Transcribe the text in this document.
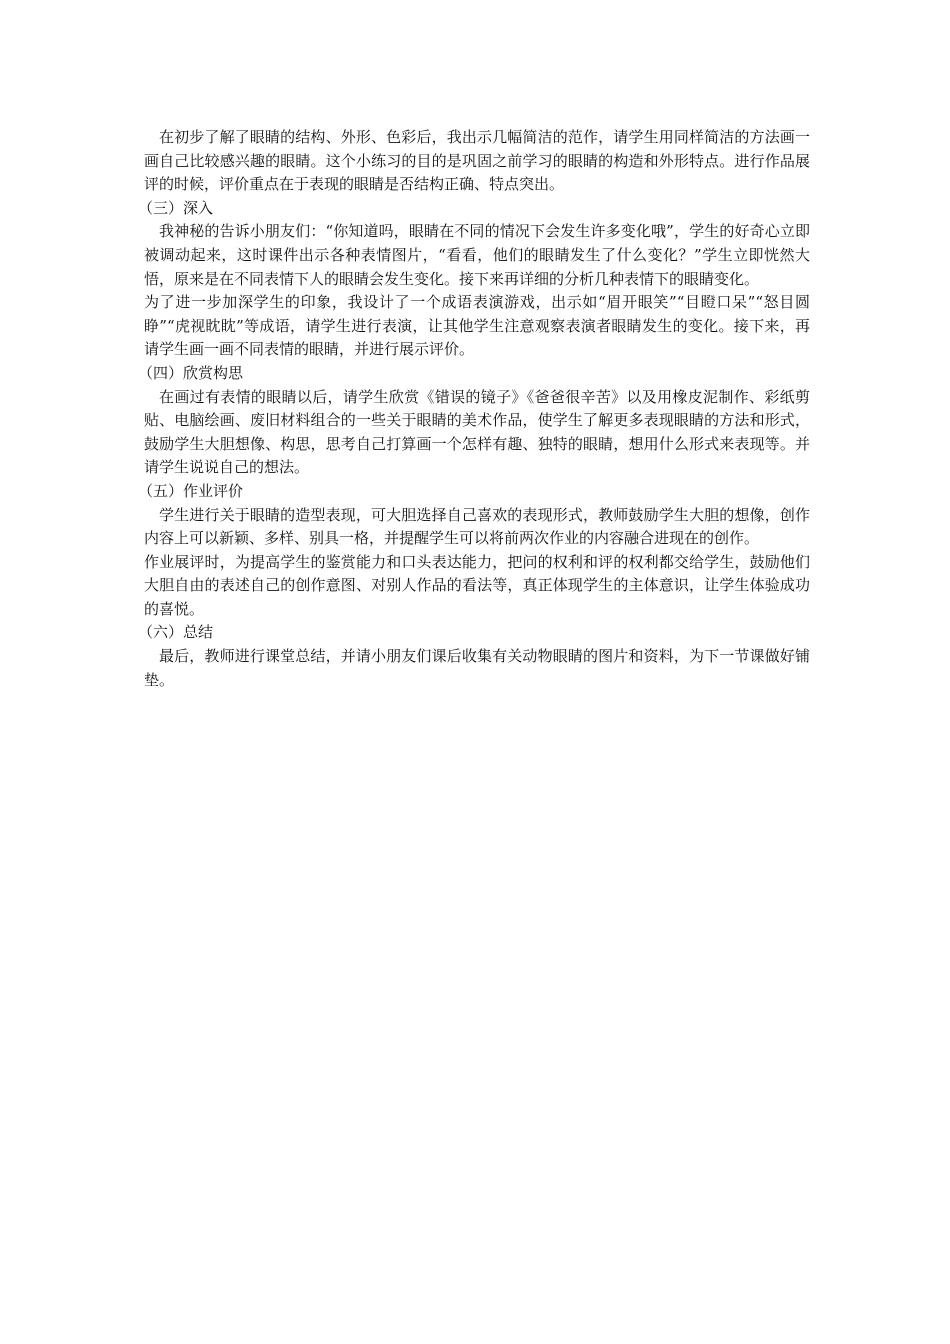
在初步了解了眼睛的结构、外形、色彩后，我出示几幅简洁的范作，请学生用同样简洁的方法画一画自己比较感兴趣的眼睛。这个小练习的目的是巩固之前学习的眼睛的构造和外形特点。进行作品展评的时候，评价重点在于表现的眼睛是否结构正确、特点突出。

（三）深入

我神秘的告诉小朋友们：“你知道吗，眼睛在不同的情况下会发生许多变化哦”，学生的好奇心立即被调动起来，这时课件出示各种表情图片，“看看，他们的眼睛发生了什么变化？”学生立即恍然大悟，原来是在不同表情下人的眼睛会发生变化。接下来再详细的分析几种表情下的眼睛变化。

为了进一步加深学生的印象，我设计了一个成语表演游戏，出示如“眉开眼笑”“目瞪口呆”“怒目圆睁”“虎视眈眈”等成语，请学生进行表演，让其他学生注意观察表演者眼睛发生的变化。接下来，再请学生画一画不同表情的眼睛，并进行展示评价。

（四）欣赏构思

在画过有表情的眼睛以后，请学生欣赏《错误的镜子》《爸爸很辛苦》以及用橡皮泥制作、彩纸剪贴、电脑绘画、废旧材料组合的一些关于眼睛的美术作品，使学生了解更多表现眼睛的方法和形式，鼓励学生大胆想像、构思，思考自己打算画一个怎样有趣、独特的眼睛，想用什么形式来表现等。并请学生说说自己的想法。

（五）作业评价

学生进行关于眼睛的造型表现，可大胆选择自己喜欢的表现形式，教师鼓励学生大胆的想像，创作内容上可以新颖、多样、别具一格，并提醒学生可以将前两次作业的内容融合进现在的创作。

作业展评时，为提高学生的鉴赏能力和口头表达能力，把问的权利和评的权利都交给学生，鼓励他们大胆自由的表述自己的创作意图、对别人作品的看法等，真正体现学生的主体意识，让学生体验成功的喜悦。

（六）总结

最后，教师进行课堂总结，并请小朋友们课后收集有关动物眼睛的图片和资料，为下一节课做好铺垫。
